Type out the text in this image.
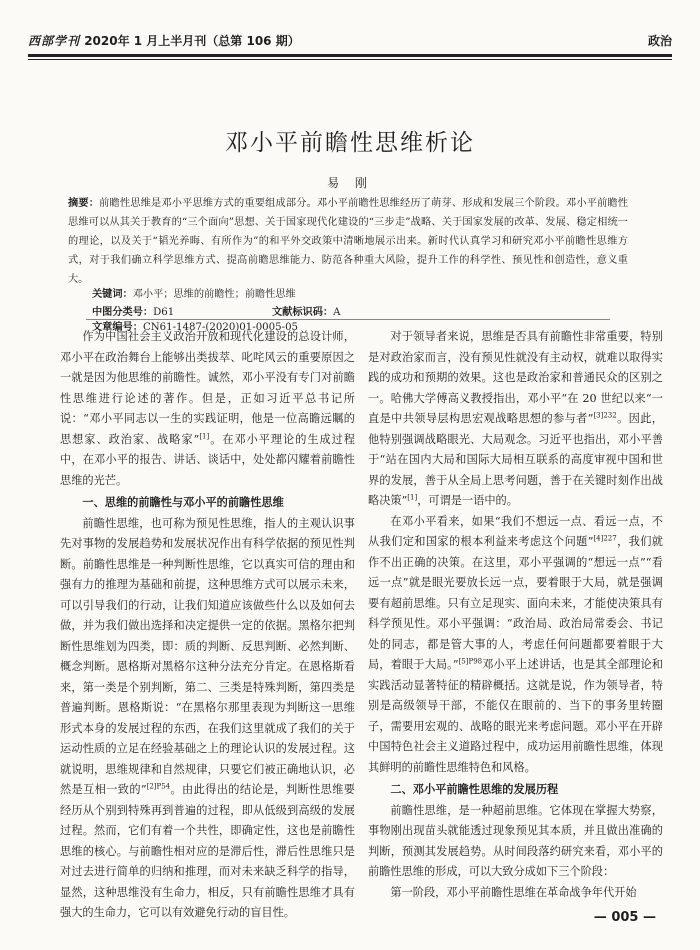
西部学刊 2020年 1 月上半月刊（总第 106 期）	政治
邓小平前瞻性思维析论
易 刚
摘要：前瞻性思维是邓小平思维方式的重要组成部分。邓小平前瞻性思维经历了萌芽、形成和发展三个阶段。邓小平前瞻性思维可以从其关于教育的“三个面向”思想、关于国家现代化建设的“三步走”战略、关于国家发展的改革、发展、稳定相统一的理论，以及关于“韬光养晦、有所作为”的和平外交政策中清晰地展示出来。新时代认真学习和研究邓小平前瞻性思维方式，对于我们确立科学思维方式、提高前瞻思维能力、防范各种重大风险，提升工作的科学性、预见性和创造性，意义重大。
关键词：邓小平；思维的前瞻性；前瞻性思维
中图分类号：D61	文献标识码：A文章编号：CN61-1487-(2020)01-0005-05

作为中国社会主义政治开放和现代化建设的总设计师，邓小平在政治舞台上能够出类拔萃、叱咤风云的重要原因之一就是因为他思维的前瞻性。诚然，邓小平没有专门对前瞻性思维进行论述的著作。但是，正如习近平总书记所说：“邓小平同志以一生的实践证明，他是一位高瞻远瞩的思想家、政治家、战略家”[1]。在邓小平理论的生成过程中，在邓小平的报告、讲话、谈话中，处处都闪耀着前瞻性思维的光芒。

一、思维的前瞻性与邓小平的前瞻性思维

前瞻性思维，也可称为预见性思维，指人的主观认识事先对事物的发展趋势和发展状况作出有科学依据的预见性判断。前瞻性思维是一种判断性思维，它以真实可信的理由和强有力的推理为基础和前提，这种思维方式可以展示未来，可以引导我们的行动，让我们知道应该做些什么以及如何去做，并为我们做出选择和决定提供一定的依据。黑格尔把判断性思维划为四类，即：质的判断、反思判断、必然判断、概念判断。恩格斯对黑格尔这种分法充分肯定。在恩格斯看来，第一类是个别判断，第二、三类是特殊判断，第四类是普遍判断。恩格斯说：“在黑格尔那里表现为判断这一思维形式本身的发展过程的东西，在我们这里就成了我们的关于运动性质的立足在经验基础之上的理论认识的发展过程。这就说明，思维规律和自然规律，只要它们被正确地认识，必然是互相一致的”$^{[2]P54}$。由此得出的结论是，判断性思维要经历从个别到特殊再到普遍的过程，即从低级到高级的发展过程。然而，它们有着一个共性，即确定性，这也是前瞻性思维的核心。与前瞻性相对应的是滞后性，滞后性思维只是对过去进行简单的归纳和推理，而对未来缺乏科学的指导，显然，这种思维没有生命力，相反，只有前瞻性思维才具有强大的生命力，它可以有效避免行动的盲目性。

对于领导者来说，思维是否具有前瞻性非常重要，特别是对政治家而言，没有预见性就没有主动权，就难以取得实践的成功和预期的效果。这也是政治家和普通民众的区别之一。哈佛大学傅高义教授指出，邓小平“在 20 世纪以来“一直是中共领导层构思宏观战略思想的参与者”$^{[3]232}$。因此，他特别强调战略眼光、大局观念。习近平也指出，邓小平善于“站在国内大局和国际大局相互联系的高度审视中国和世界的发展，善于从全局上思考问题，善于在关键时刻作出战略决策”[1]，可谓是一语中的。

在邓小平看来，如果“我们不想远一点、看远一点，不从我们定和国家的根本利益来考虑这个问题”$^{[4]227}$，我们就作不出正确的决策。在这里，邓小平强调的“想远一点”“看远一点”就是眼光要放长远一点，要着眼于大局，就是强调要有超前思维。只有立足现实、面向未来，才能使决策具有科学预见性。邓小平强调：“政治局、政治局常委会、书记处的同志，都是管大事的人，考虑任何问题都要着眼于大局，着眼于大局。”$^{[5]P98}$邓小平上述讲话，也是其全部理论和实践活动显著特征的精辟概括。这就是说，作为领导者，特别是高级领导干部，不能仅在眼前的、当下的事务里转圈子，需要用宏观的、战略的眼光来考虑问题。邓小平在开辟中国特色社会主义道路过程中，成功运用前瞻性思维，体现其鲜明的前瞻性思维特色和风格。

二、邓小平前瞻性思维的发展历程

前瞻性思维，是一种超前思维。它体现在掌握大势察，事物刚出现苗头就能透过现象预见其本质，并且做出准确的判断，预测其发展趋势。从时间段落约研究来看，邓小平的前瞻性思维的形成，可以大致分成如下三个阶段：

第一阶段，邓小平前瞻性思维在革命战争年代开始

— 005 —
